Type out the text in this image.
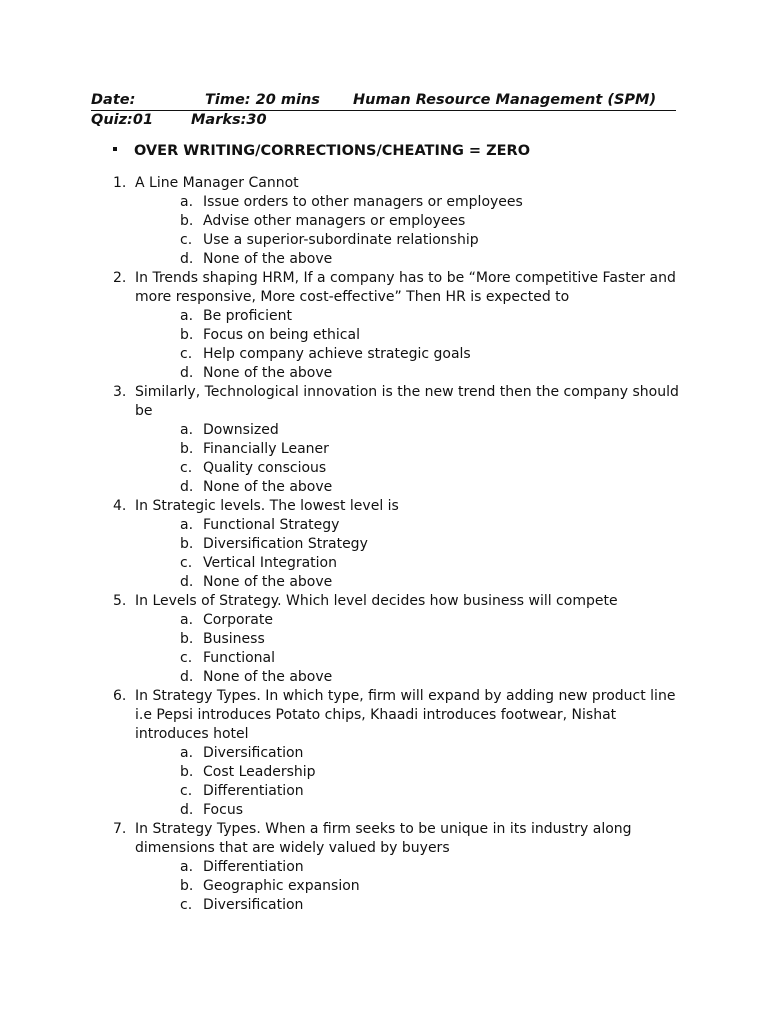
Date:	Time: 20 mins Human Resource Management (SPM)
Quiz:01	Marks:30
OVER WRITING/CORRECTIONS/CHEATING = ZERO
1. A Line Manager Cannot
a. Issue orders to other managers or employees
b. Advise other managers or employees
c. Use a superior-subordinate relationship
d. None of the above
2. In Trends shaping HRM, If a company has to be “More competitive Faster and more responsive, More cost-effective” Then HR is expected to
a. Be proficient
b. Focus on being ethical
c. Help company achieve strategic goals
d. None of the above
3. Similarly, Technological innovation is the new trend then the company should be
a. Downsized
b. Financially Leaner
c. Quality conscious
d. None of the above
4. In Strategic levels. The lowest level is
a. Functional Strategy
b. Diversification Strategy
c. Vertical Integration
d. None of the above
5. In Levels of Strategy. Which level decides how business will compete
a. Corporate
b. Business
c. Functional
d. None of the above
6. In Strategy Types. In which type, firm will expand by adding new product line i.e Pepsi introduces Potato chips, Khaadi introduces footwear, Nishat introduces hotel
a. Diversification
b. Cost Leadership
c. Differentiation
d. Focus
7. In Strategy Types. When a firm seeks to be unique in its industry along dimensions that are widely valued by buyers
a. Differentiation
b. Geographic expansion
c. Diversification
